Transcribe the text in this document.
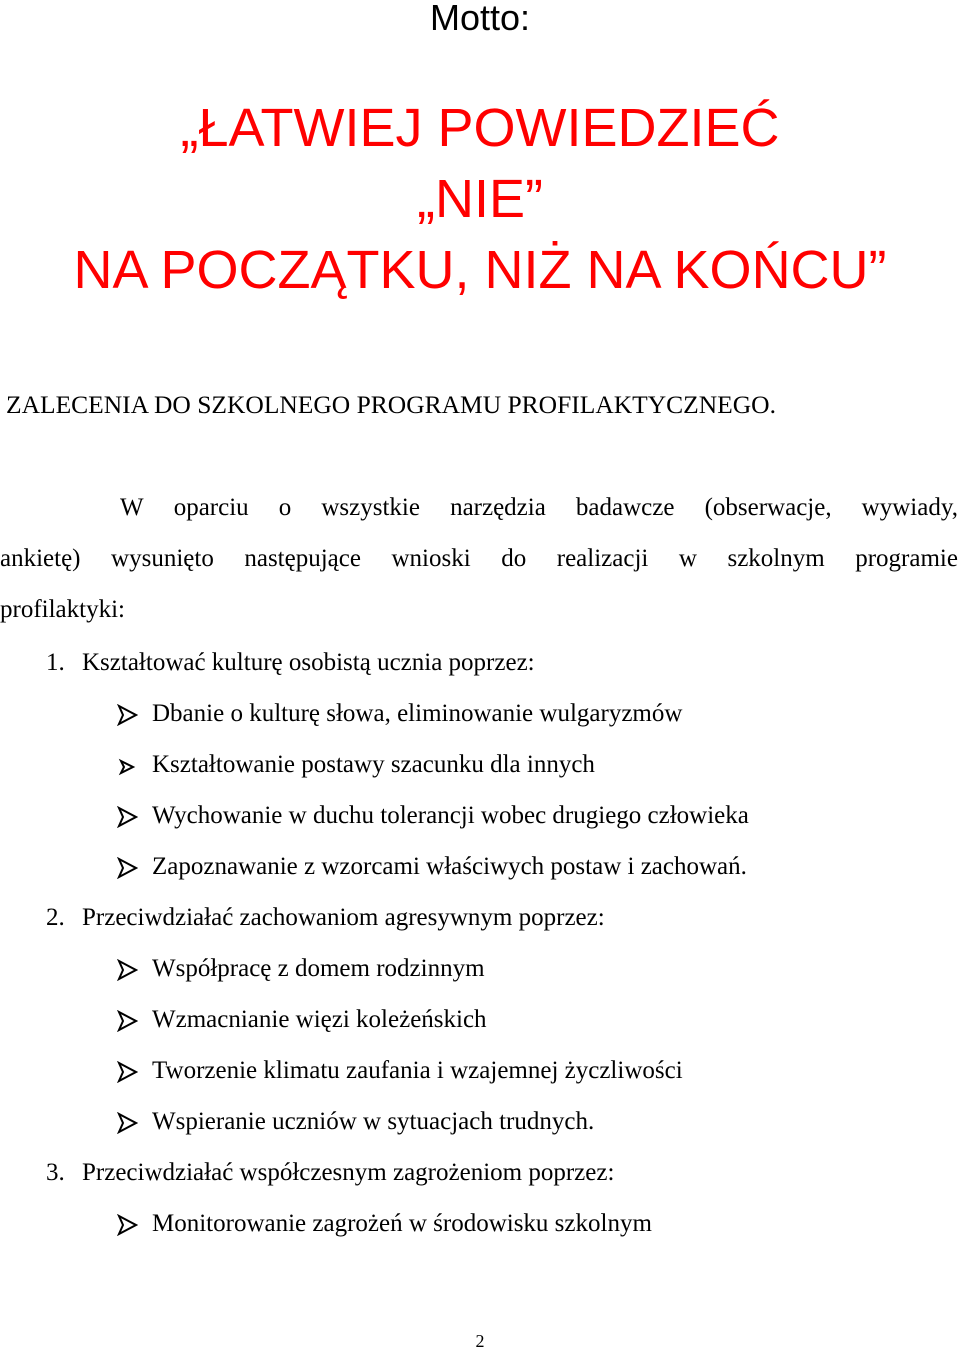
Motto:
„ŁATWIEJ POWIEDZIEĆ
„NIE”
NA POCZĄTKU, NIŻ NA KOŃCU”
ZALECENIA DO SZKOLNEGO PROGRAMU PROFILAKTYCZNEGO.
W oparciu o wszystkie narzędzia badawcze (obserwacje, wywiady,
ankietę) wysunięto następujące wnioski do realizacji w szkolnym programie
profilaktyki:
1. Kształtować kulturę osobistą ucznia poprzez:
Dbanie o kulturę słowa, eliminowanie wulgaryzmów
Kształtowanie postawy szacunku dla innych
Wychowanie w duchu tolerancji wobec drugiego człowieka
Zapoznawanie z wzorcami właściwych postaw i zachowań.
2. Przeciwdziałać zachowaniom agresywnym poprzez:
Współpracę z domem rodzinnym
Wzmacnianie więzi koleżeńskich
Tworzenie klimatu zaufania i wzajemnej życzliwości
Wspieranie uczniów w sytuacjach trudnych.
3. Przeciwdziałać współczesnym zagrożeniom poprzez:
Monitorowanie zagrożeń w środowisku szkolnym
2
